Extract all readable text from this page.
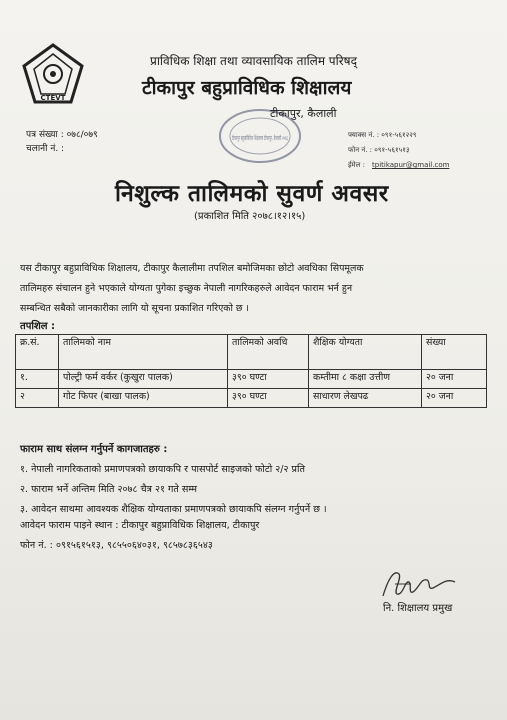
CTEVT
प्राविधिक शिक्षा तथा व्यावसायिक तालिम परिषद्
टीकापुर बहुप्राविधिक शिक्षालय
टीकापुर बहुप्राविधिक शिक्षालय टीकापुर, कैलाली २०६६
टीकापुर, कैलाली
पत्र संख्या : ०७८/०७९
चलानी नं. :
फ्याक्स नं. : ०९१-५६१२२९
फोन नं. : ०९१-५६१५१३
ईमेल : tpitikapur@gmail.com
निशुल्क तालिमको सुवर्ण अवसर
(प्रकाशित मिति २०७८।१२।१५)
यस टीकापुर बहुप्राविधिक शिक्षालय, टीकापुर कैलालीमा तपशिल बमोजिमका छोटो अवधिका सिपमूलक
तालिमहरु संचालन हुने भएकाले योग्यता पुगेका इच्छुक नेपाली नागरिकहरुले आवेदन फाराम भर्न हुन
सम्बन्धित सबैको जानकारीका लागि यो सूचना प्रकाशित गरिएको छ ।
तपशिल :
क्र.सं.	तालिमको नाम	तालिमको अवधि	शैक्षिक योग्यता	संख्या
१.	पोल्ट्री फर्म वर्कर (कुखुरा पालक)	३९० घण्टा	कम्तीमा ८ कक्षा उत्तीण	२० जना
२	गोट फिपर (बाखा पालक)	३९० घण्टा	साधारण लेखपढ	२० जना
फाराम साथ संलग्न गर्नुपर्ने कागजातहरु :
१. नेपाली नागरिकताको प्रमाणपत्रको छायाकपि र पासपोर्ट साइजको फोटो २/२ प्रति
२. फाराम भर्ने अन्तिम मिति २०७८ चैत्र २१ गते सम्म
३. आवेदन साथमा आवश्यक शैक्षिक योग्यताका प्रमाणपत्रको छायाकपि संलग्न गर्नुपर्ने छ ।
आवेदन फाराम पाइने स्थान : टीकापुर बहुप्राविधिक शिक्षालय, टीकापुर
फोन नं. : ०९१५६१५१३, ९८५५०६४०३१, ९८५७८३६५४३
नि. शिक्षालय प्रमुख
